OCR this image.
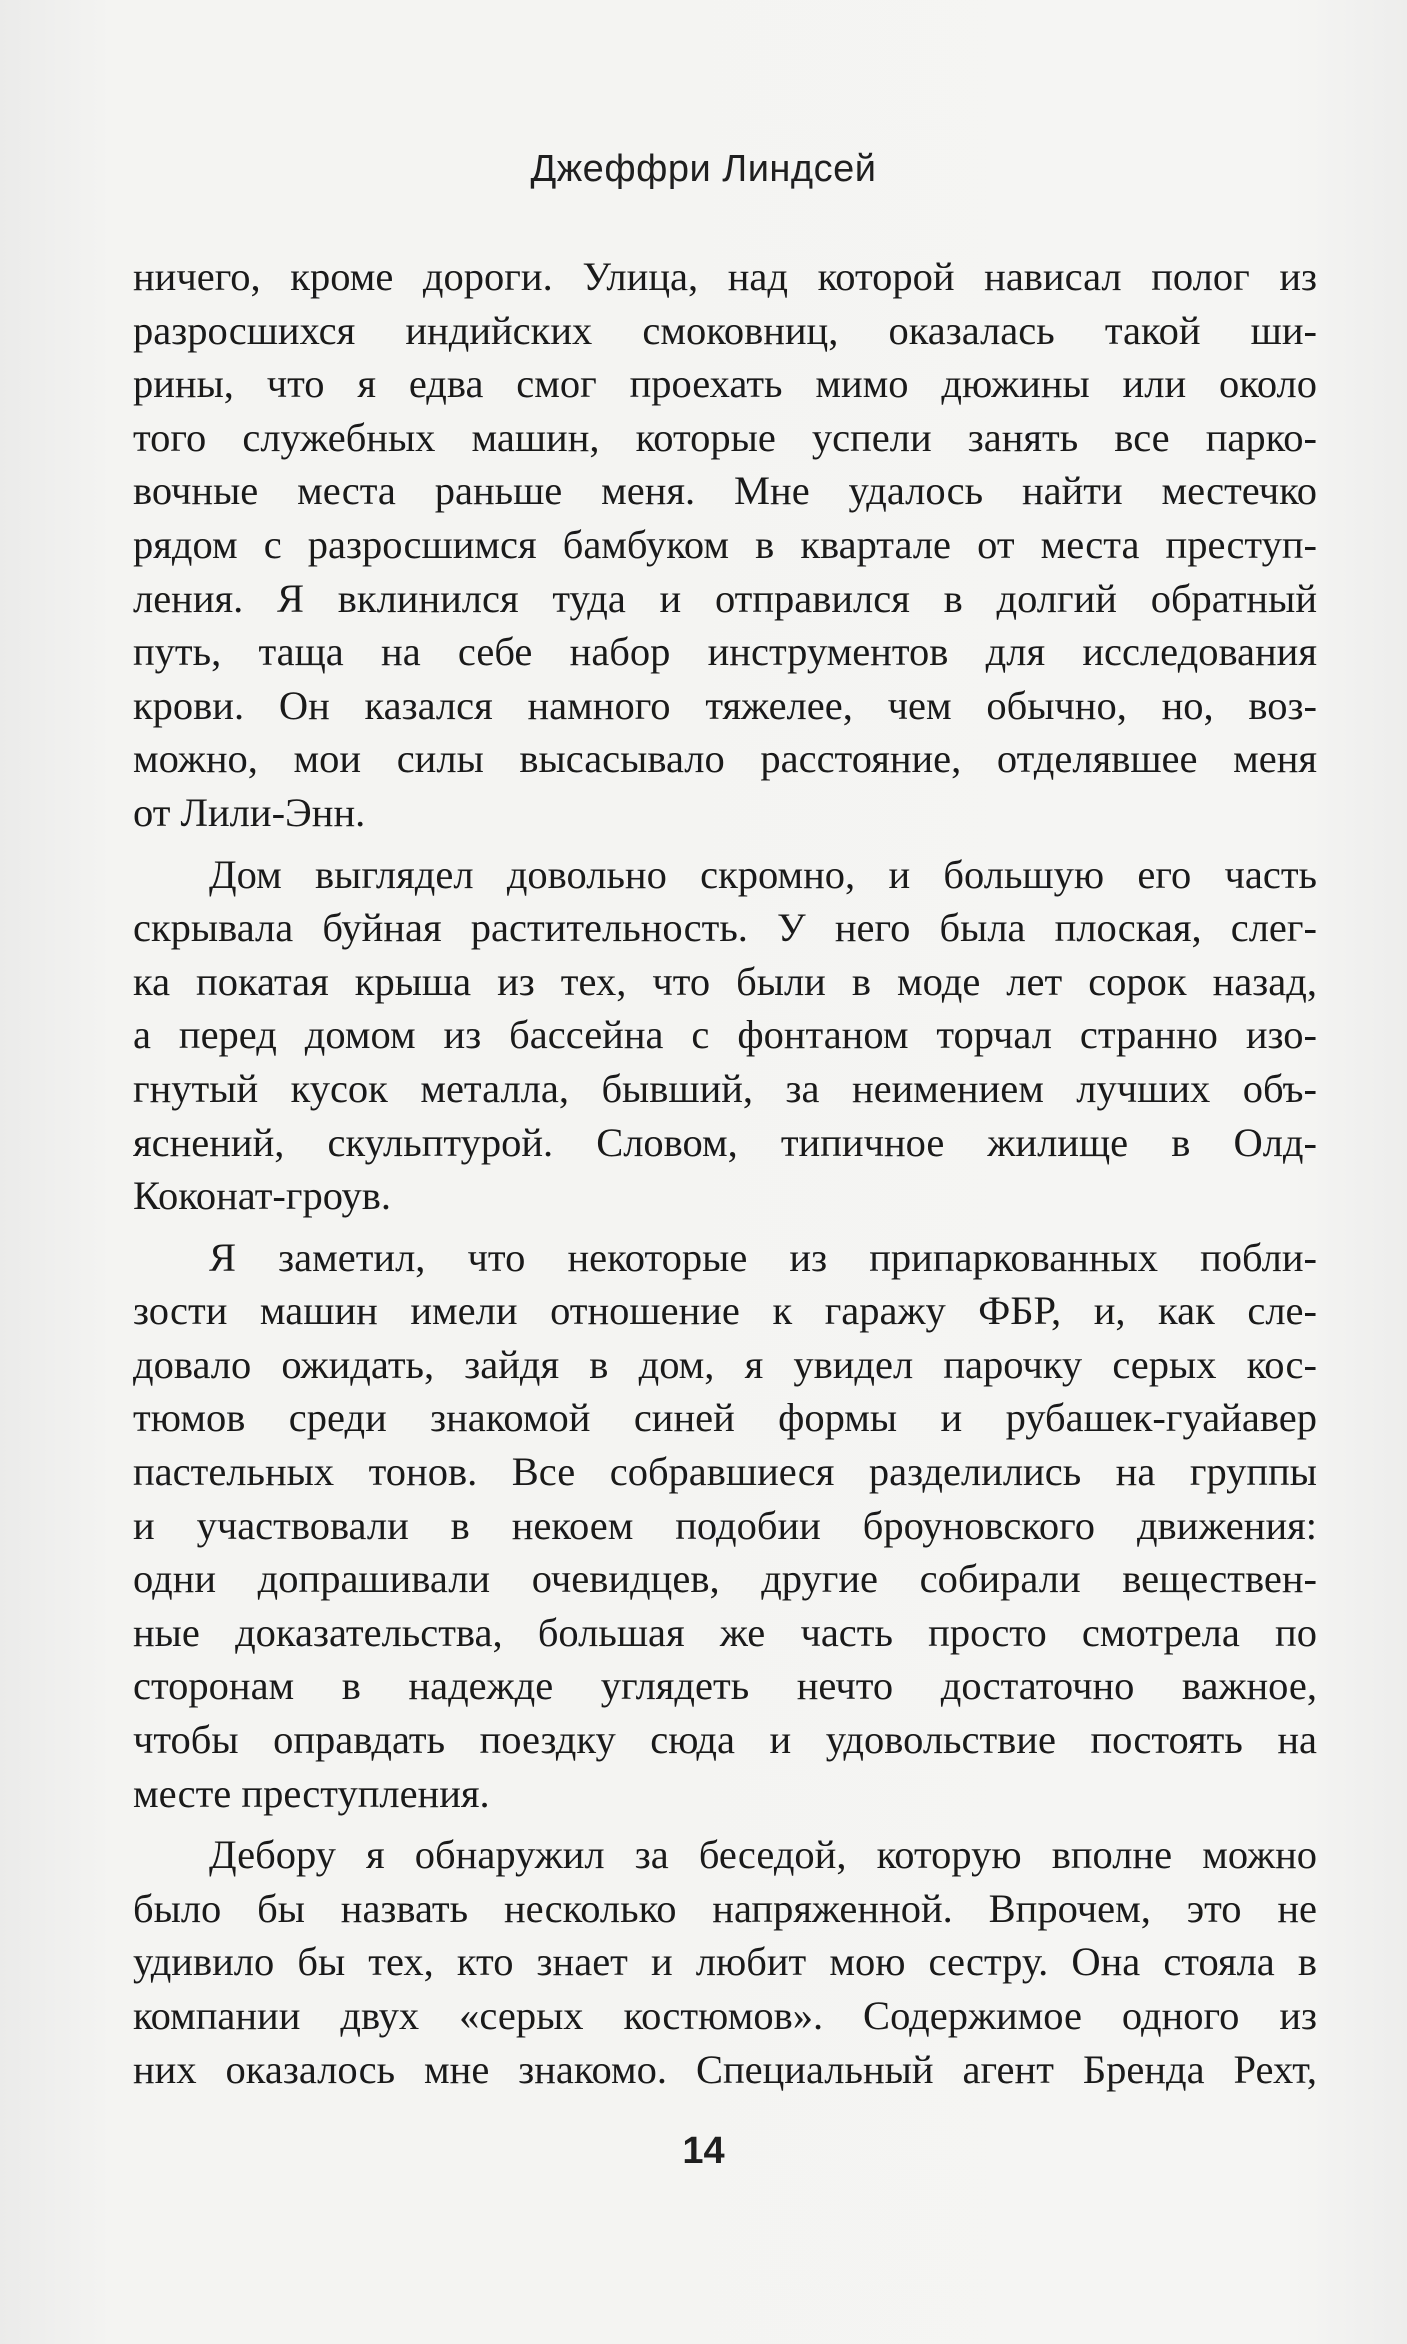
Джеффри Линдсей
ничего, кроме дороги. Улица, над которой нависал полог из
разросшихся индийских смоковниц, оказалась такой ши-
рины, что я едва смог проехать мимо дюжины или около
того служебных машин, которые успели занять все парко-
вочные места раньше меня. Мне удалось найти местечко
рядом с разросшимся бамбуком в квартале от места преступ-
ления. Я вклинился туда и отправился в долгий обратный
путь, таща на себе набор инструментов для исследования
крови. Он казался намного тяжелее, чем обычно, но, воз-
можно, мои силы высасывало расстояние, отделявшее меня
от Лили-Энн.
Дом выглядел довольно скромно, и большую его часть
скрывала буйная растительность. У него была плоская, слег-
ка покатая крыша из тех, что были в моде лет сорок назад,
а перед домом из бассейна с фонтаном торчал странно изо-
гнутый кусок металла, бывший, за неимением лучших объ-
яснений, скульптурой. Словом, типичное жилище в Олд-
Коконат-гроув.
Я заметил, что некоторые из припаркованных побли-
зости машин имели отношение к гаражу ФБР, и, как сле-
довало ожидать, зайдя в дом, я увидел парочку серых кос-
тюмов среди знакомой синей формы и рубашек-гуайавер
пастельных тонов. Все собравшиеся разделились на группы
и участвовали в некоем подобии броуновского движения:
одни допрашивали очевидцев, другие собирали веществен-
ные доказательства, большая же часть просто смотрела по
сторонам в надежде углядеть нечто достаточно важное,
чтобы оправдать поездку сюда и удовольствие постоять на
месте преступления.
Дебору я обнаружил за беседой, которую вполне можно
было бы назвать несколько напряженной. Впрочем, это не
удивило бы тех, кто знает и любит мою сестру. Она стояла в
компании двух «серых костюмов». Содержимое одного из
них оказалось мне знакомо. Специальный агент Бренда Рехт,
14
